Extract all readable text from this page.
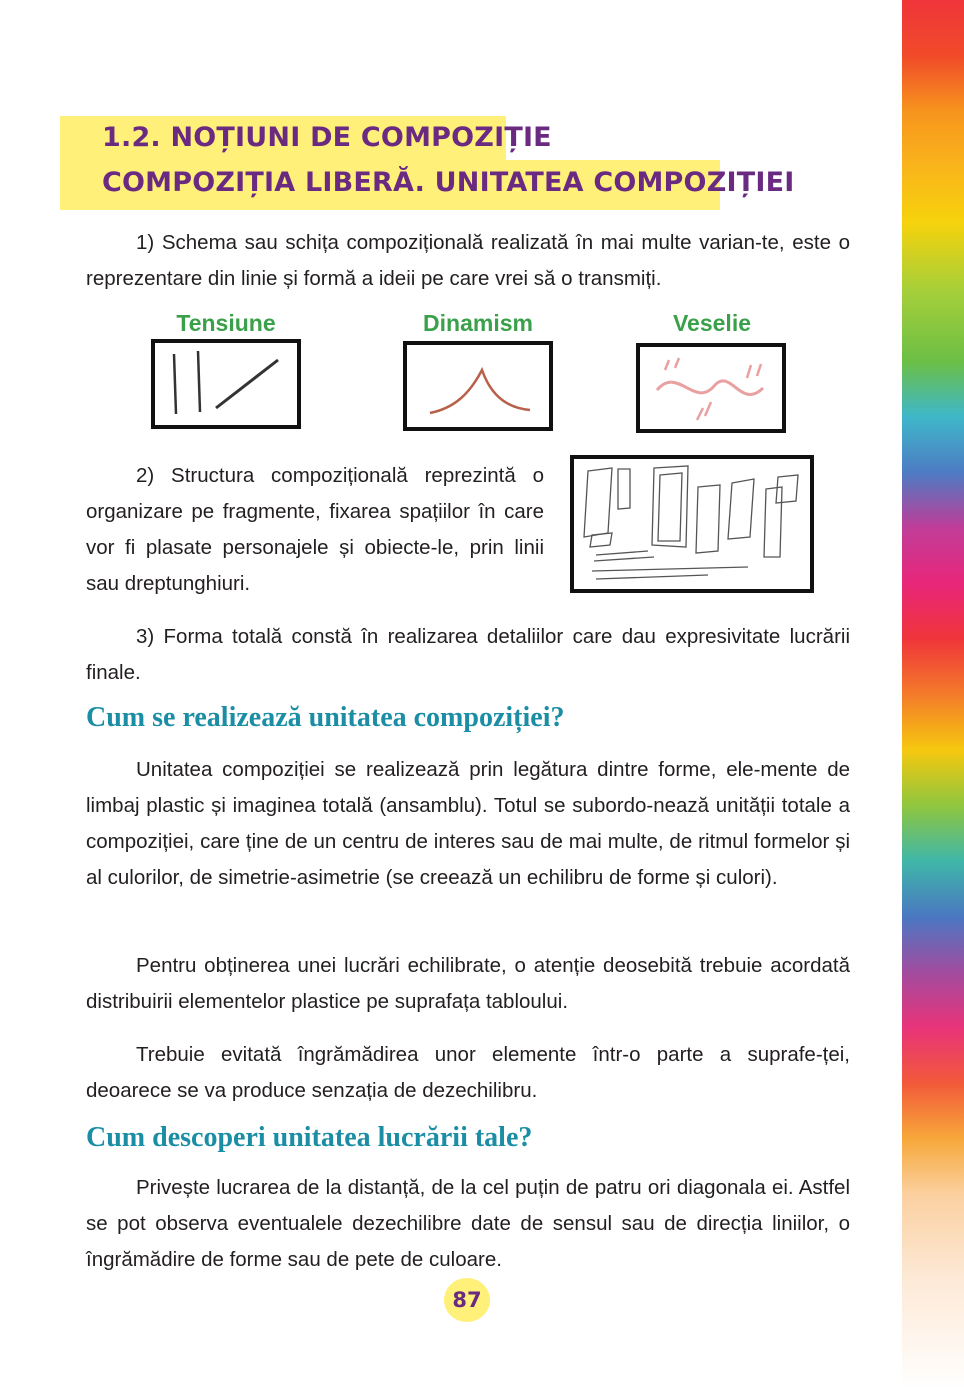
1.2. NOȚIUNI DE COMPOZIȚIE
COMPOZIȚIA LIBERĂ. UNITATEA COMPOZIȚIEI
1) Schema sau schița compozițională realizată în mai multe varian-te, este o reprezentare din linie și formă a ideii pe care vrei să o transmiți.
Tensiune	Dinamism	Veselie
2) Structura compozițională reprezintă o organizare pe fragmente, fixarea spațiilor în care vor fi plasate personajele și obiecte-le, prin linii sau dreptunghiuri.
3) Forma totală constă în realizarea detaliilor care dau expresivitate lucrării finale.
Cum se realizează unitatea compoziției?
Unitatea compoziției se realizează prin legătura dintre forme, ele-mente de limbaj plastic și imaginea totală (ansamblu). Totul se subordo-nează unității totale a compoziției, care ține de un centru de interes sau de mai multe, de ritmul formelor și al culorilor, de simetrie-asimetrie (se creează un echilibru de forme și culori).
Pentru obținerea unei lucrări echilibrate, o atenție deosebită trebuie acordată distribuirii elementelor plastice pe suprafața tabloului.
Trebuie evitată îngrămădirea unor elemente într-o parte a suprafe-ței, deoarece se va produce senzația de dezechilibru.
Cum descoperi unitatea lucrării tale?
Privește lucrarea de la distanță, de la cel puțin de patru ori diagonala ei. Astfel se pot observa eventualele dezechilibre date de sensul sau de direcția liniilor, o îngrămădire de forme sau de pete de culoare.
87
